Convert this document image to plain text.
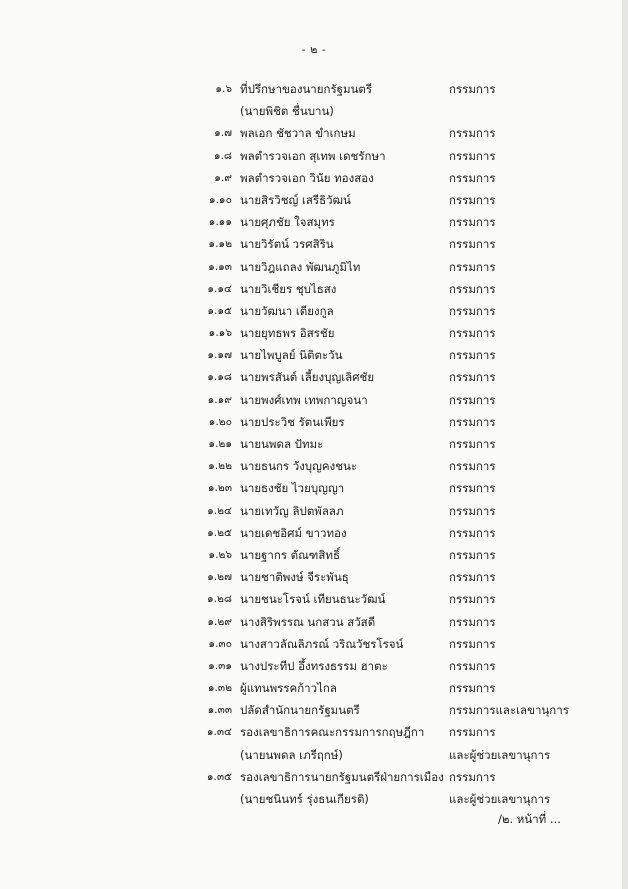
- ๒ -
๑.๖ ที่ปรึกษาของนายกรัฐมนตรี	กรรมการ
(นายพิชิต ชื่นบาน)
๑.๗ พลเอก ชัชวาล ขำเกษม	กรรมการ
๑.๘ พลตำรวจเอก สุเทพ เดชรักษา	กรรมการ
๑.๙ พลตำรวจเอก วินัย ทองสอง	กรรมการ
๑.๑๐ นายสิรวิชญ์ เสรีธิวัฒน์	กรรมการ
๑.๑๑ นายศุภชัย ใจสมุทร	กรรมการ
๑.๑๒ นายวิรัตน์ วรศสิริน	กรรมการ
๑.๑๓ นายวิฎแถลง พัฒนภูมิไท	กรรมการ
๑.๑๔ นายวิเชียร ชุบไธสง	กรรมการ
๑.๑๕ นายวัฒนา เตียงกูล	กรรมการ
๑.๑๖ นายยุทธพร อิสรชัย	กรรมการ
๑.๑๗ นายไพบูลย์ นิติตะวัน	กรรมการ
๑.๑๘ นายพรสันต์ เลี้ยงบุญเลิศชัย	กรรมการ
๑.๑๙ นายพงศ์เทพ เทพกาญจนา	กรรมการ
๑.๒๐ นายประวิช รัตนเพียร	กรรมการ
๑.๒๑ นายนพดล ปัทมะ	กรรมการ
๑.๒๒ นายธนกร วังบุญคงชนะ	กรรมการ
๑.๒๓ นายธงชัย ไวยบุญญา	กรรมการ
๑.๒๔ นายเทวัญ ลิปตพัลลภ	กรรมการ
๑.๒๕ นายเดชอิศม์ ขาวทอง	กรรมการ
๑.๒๖ นายฐากร ตัณฑสิทธิ์	กรรมการ
๑.๒๗ นายชาติพงษ์ จีระพันธุ	กรรมการ
๑.๒๘ นายชนะโรจน์ เทียนธนะวัฒน์	กรรมการ
๑.๒๙ นางสิริพรรณ นกสวน สวัสดี	กรรมการ
๑.๓๐ นางสาวลัณลิภรณ์ วริณวัชรโรจน์	กรรมการ
๑.๓๑ นางประทีป อึ้งทรงธรรม ฮาตะ	กรรมการ
๑.๓๒ ผู้แทนพรรคก้าวไกล	กรรมการ
๑.๓๓ ปลัดสำนักนายกรัฐมนตรี	กรรมการและเลขานุการ
๑.๓๔ รองเลขาธิการคณะกรรมการกฤษฎีกา กรรมการ
(นายนพดล เภรีฤกษ์)	และผู้ช่วยเลขานุการ
๑.๓๕ รองเลขาธิการนายกรัฐมนตรีฝ่ายการเมือง กรรมการ
(นายชนินทร์ รุ่งธนเกียรติ)	และผู้ช่วยเลขานุการ
/๒. หน้าที่ ...
